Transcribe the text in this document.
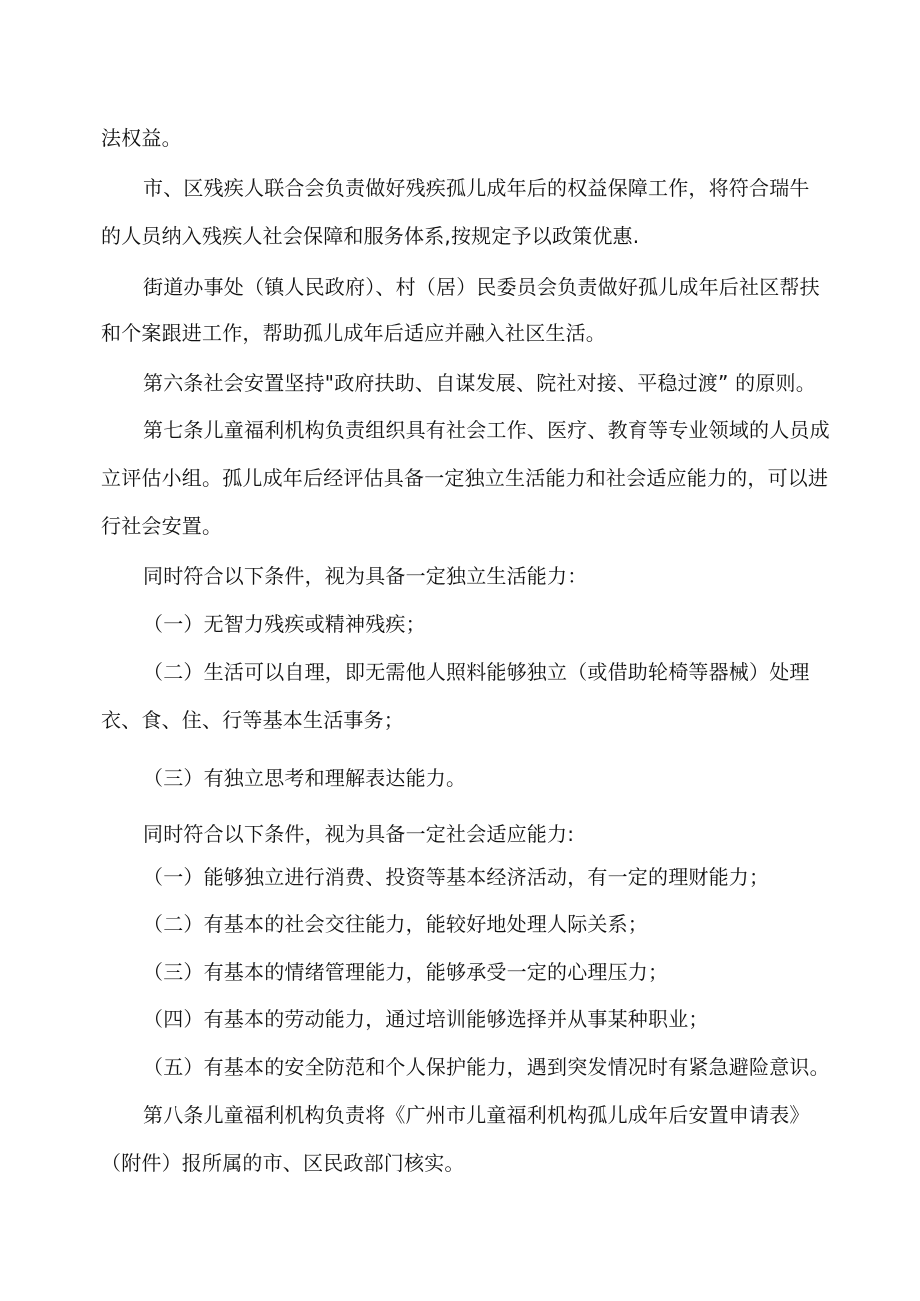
法权益。
市、区残疾人联合会负责做好残疾孤儿成年后的权益保障工作，将符合瑞牛
的人员纳入残疾人社会保障和服务体系,按规定予以政策优惠.
街道办事处（镇人民政府）、村（居）民委员会负责做好孤儿成年后社区帮扶
和个案跟进工作，帮助孤儿成年后适应并融入社区生活。
第六条社会安置坚持"政府扶助、自谋发展、院社对接、平稳过渡” 的原则。
第七条儿童福利机构负责组织具有社会工作、医疗、教育等专业领域的人员成
立评估小组。孤儿成年后经评估具备一定独立生活能力和社会适应能力的，可以进
行社会安置。
同时符合以下条件，视为具备一定独立生活能力：
（一）无智力残疾或精神残疾；
（二）生活可以自理，即无需他人照料能够独立（或借助轮椅等器械）处理
衣、食、住、行等基本生活事务；
（三）有独立思考和理解表达能力。
同时符合以下条件，视为具备一定社会适应能力:
（一）能够独立进行消费、投资等基本经济活动，有一定的理财能力；
（二）有基本的社会交往能力，能较好地处理人际关系；
（三）有基本的情绪管理能力，能够承受一定的心理压力；
（四）有基本的劳动能力，通过培训能够选择并从事某种职业；
（五）有基本的安全防范和个人保护能力，遇到突发情况时有紧急避险意识。
第八条儿童福利机构负责将《广州市儿童福利机构孤儿成年后安置申请表》
（附件）报所属的市、区民政部门核实。
